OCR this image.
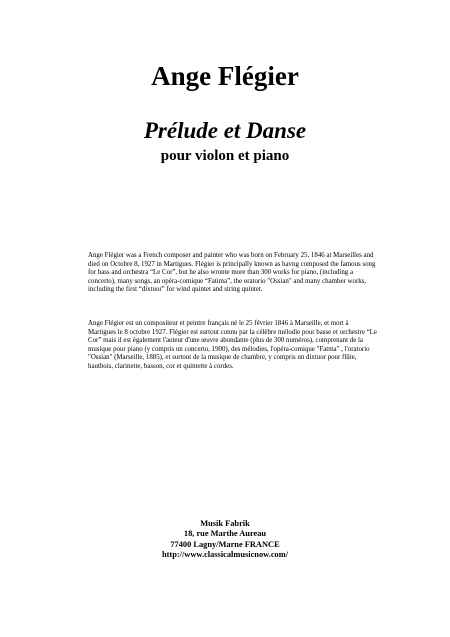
Ange Flégier
Prélude et Danse
pour violon et piano
Ange Flégier was a French composer and painter who was born on February 25, 1846 at Marseilles and died on Octobre 8, 1927 in Martigues. Flégier is principally known as havng composed the famous song for bass and orchestra “Le Cor”, but he also wronte more than 300 works for piano, (including a concerto), many songs, an opéra-comique “Fatima”, the oratorio "Ossian" and many chamber works, including the first “dixtuor” for wind quintet and string quintet.
Ange Flégier est un compositeur et peintre français né le 25 février 1846 à Marseille, et mort à Martigues le 8 octobre 1927. Flégier est surtout connu par la célèbre mélodie pour basse et orchestre “Le Cor” mais il est également l'auteur d'une œuvre abondante (plus de 300 numéros), comprenant de la musique pour piano (y compris un concerto, 1900), des mélodies, l'opéra-comique "Fatma" , l'oratorio "Ossian" (Marseille, 1885), et surtout de la musique de chambre, y compris un dixtuor pour flûte, hautbois, clarinette, basson, cor et quintette à cordes.
Musik Fabrik
18, rue Marthe Aureau
77400 Lagny/Marne FRANCE
http://www.classicalmusicnow.com/
